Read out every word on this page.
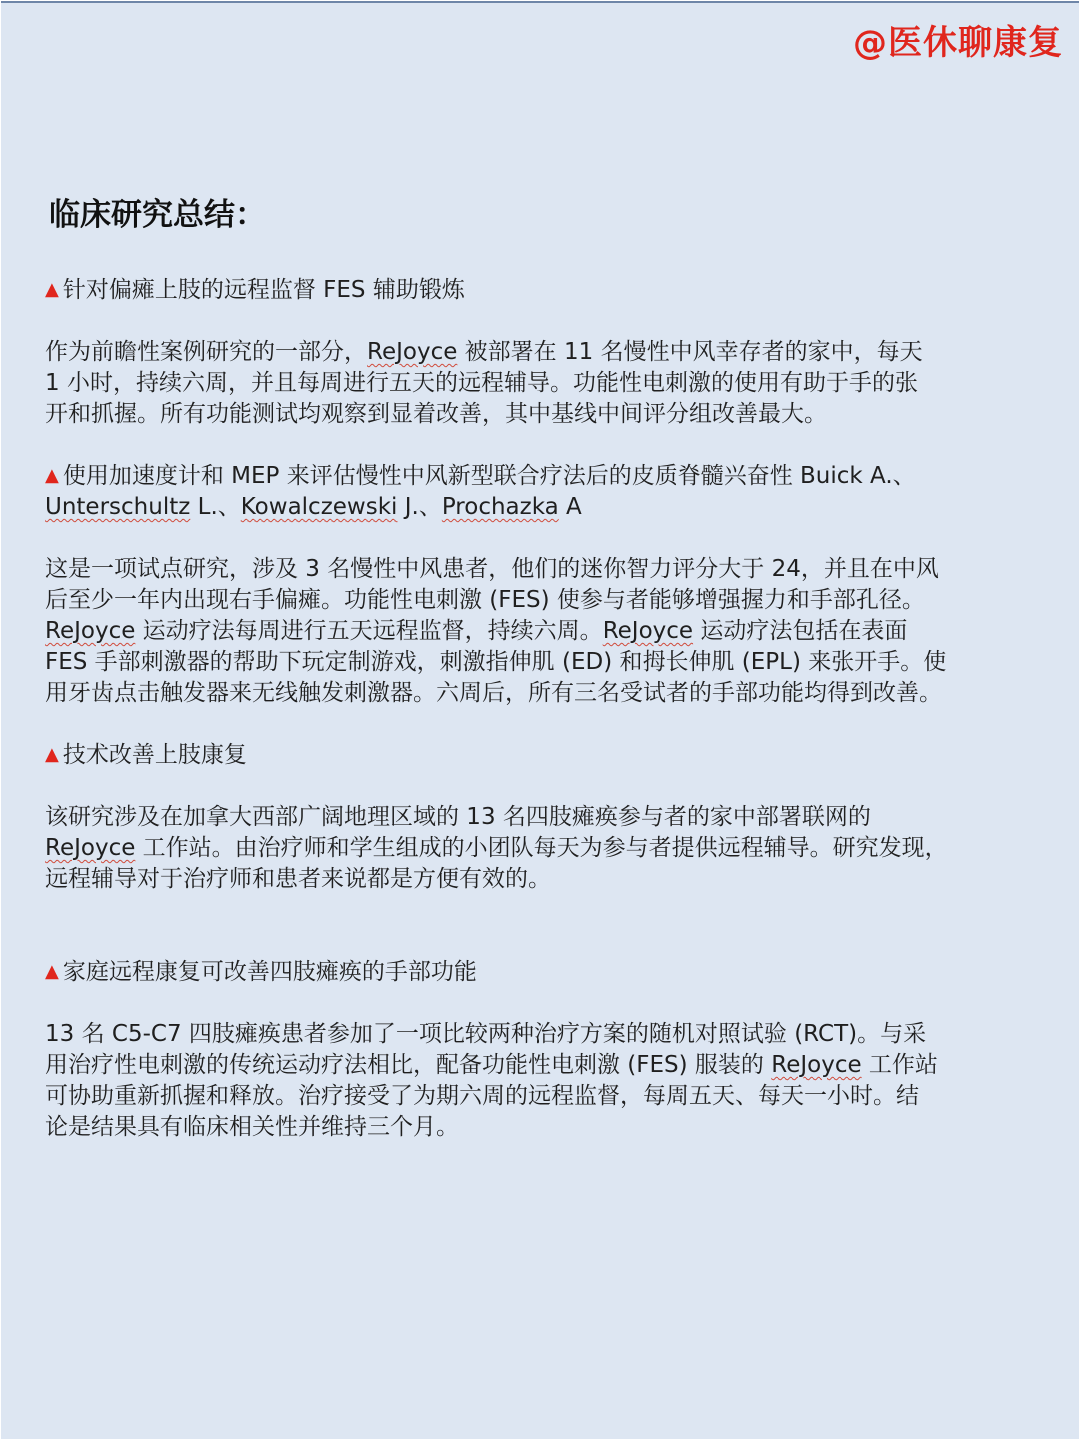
@医休聊康复
临床研究总结：
▲ 针对偏瘫上肢的远程监督 FES 辅助锻炼
作为前瞻性案例研究的一部分，ReJoyce 被部署在 11 名慢性中风幸存者的家中，每天
1 小时，持续六周，并且每周进行五天的远程辅导。功能性电刺激的使用有助于手的张
开和抓握。所有功能测试均观察到显着改善，其中基线中间评分组改善最大。
▲ 使用加速度计和 MEP 来评估慢性中风新型联合疗法后的皮质脊髓兴奋性 Buick A.、
Unterschultz L.、Kowalczewski J.、Prochazka A
这是一项试点研究，涉及 3 名慢性中风患者，他们的迷你智力评分大于 24，并且在中风
后至少一年内出现右手偏瘫。功能性电刺激 (FES) 使参与者能够增强握力和手部孔径。
ReJoyce 运动疗法每周进行五天远程监督，持续六周。ReJoyce 运动疗法包括在表面
FES 手部刺激器的帮助下玩定制游戏，刺激指伸肌 (ED) 和拇长伸肌 (EPL) 来张开手。使
用牙齿点击触发器来无线触发刺激器。六周后，所有三名受试者的手部功能均得到改善。
▲ 技术改善上肢康复
该研究涉及在加拿大西部广阔地理区域的 13 名四肢瘫痪参与者的家中部署联网的
ReJoyce 工作站。由治疗师和学生组成的小团队每天为参与者提供远程辅导。研究发现，
远程辅导对于治疗师和患者来说都是方便有效的。
▲ 家庭远程康复可改善四肢瘫痪的手部功能
13 名 C5-C7 四肢瘫痪患者参加了一项比较两种治疗方案的随机对照试验 (RCT)。与采
用治疗性电刺激的传统运动疗法相比，配备功能性电刺激 (FES) 服装的 ReJoyce 工作站
可协助重新抓握和释放。治疗接受了为期六周的远程监督，每周五天、每天一小时。结
论是结果具有临床相关性并维持三个月。
